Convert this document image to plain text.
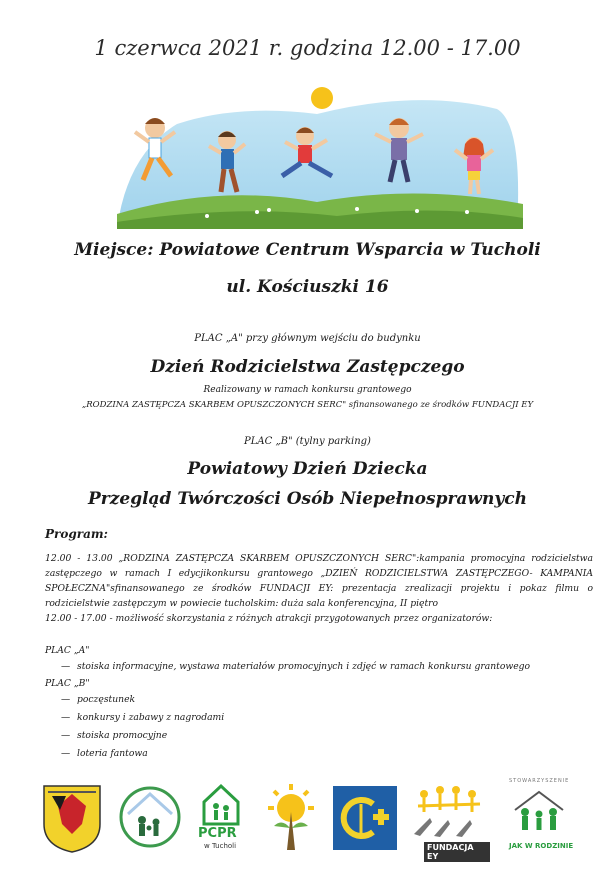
1 czerwca 2021 r. godzina 12.00 - 17.00
Miejsce: Powiatowe Centrum Wsparcia w Tucholi
ul. Kościuszki 16
PLAC „A" przy głównym wejściu do budynku
Dzień Rodzicielstwa Zastępczego
Realizowany w ramach konkursu grantowego
„RODZINA ZASTĘPCZA SKARBEM OPUSZCZONYCH SERC" sfinansowanego ze środków FUNDACJI EY
PLAC „B" (tylny parking)
Powiatowy Dzień Dziecka
Przegląd Twórczości Osób Niepełnosprawnych
Program:
12.00 - 13.00 „RODZINA ZASTĘPCZA SKARBEM OPUSZCZONYCH SERC":kampania promocyjna rodzicielstwa zastępczego w ramach I edycjikonkursu grantowego „DZIEŃ RODZICIELSTWA ZASTĘPCZEGO- KAMPANIA SPOŁECZNA"sfinansowanego ze środków FUNDACJI EY: prezentacja zrealizacji projektu i pokaz filmu o rodzicielstwie zastępczym w powiecie tucholskim: duża sala konferencyjna, II piętro
12.00 - 17.00 - możliwość skorzystania z różnych atrakcji przygotowanych przez organizatorów:
PLAC „A"
— stoiska informacyjne, wystawa materiałów promocyjnych i zdjęć w ramach konkursu grantowego
PLAC „B"
— poczęstunek
— konkursy i zabawy z nagrodami
— stoiska promocyjne
— loteria fantowa
PCPR
w Tucholi	FUNDACJA EY
STOWARZYSZENIE
JAK W RODZINIE
